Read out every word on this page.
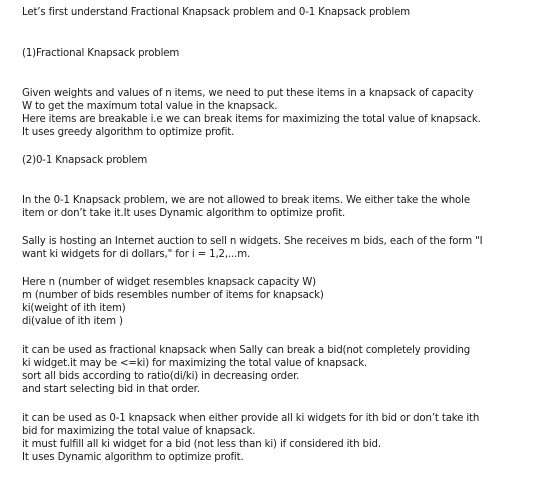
Let’s first understand Fractional Knapsack problem and 0-1 Knapsack problem

(1)Fractional Knapsack problem

Given weights and values of n items, we need to put these items in a knapsack of capacity

W to get the maximum total value in the knapsack.

Here items are breakable i.e we can break items for maximizing the total value of knapsack.

It uses greedy algorithm to optimize profit.

(2)0-1 Knapsack problem

In the 0-1 Knapsack problem, we are not allowed to break items. We either take the whole

item or don’t take it.It uses Dynamic algorithm to optimize profit.

Sally is hosting an Internet auction to sell n widgets. She receives m bids, each of the form "I

want ki widgets for di dollars," for i = 1,2,...m.

Here n (number of widget resembles knapsack capacity W)

m (number of bids resembles number of items for knapsack)

ki(weight of ith item)

di(value of ith item )

it can be used as fractional knapsack when Sally can break a bid(not completely providing

ki widget.it may be <=ki) for maximizing the total value of knapsack.

sort all bids according to ratio(di/ki) in decreasing order.

and start selecting bid in that order.

it can be used as 0-1 knapsack when either provide all ki widgets for ith bid or don’t take ith

bid for maximizing the total value of knapsack.

it must fulfill all ki widget for a bid (not less than ki) if considered ith bid.

It uses Dynamic algorithm to optimize profit.
